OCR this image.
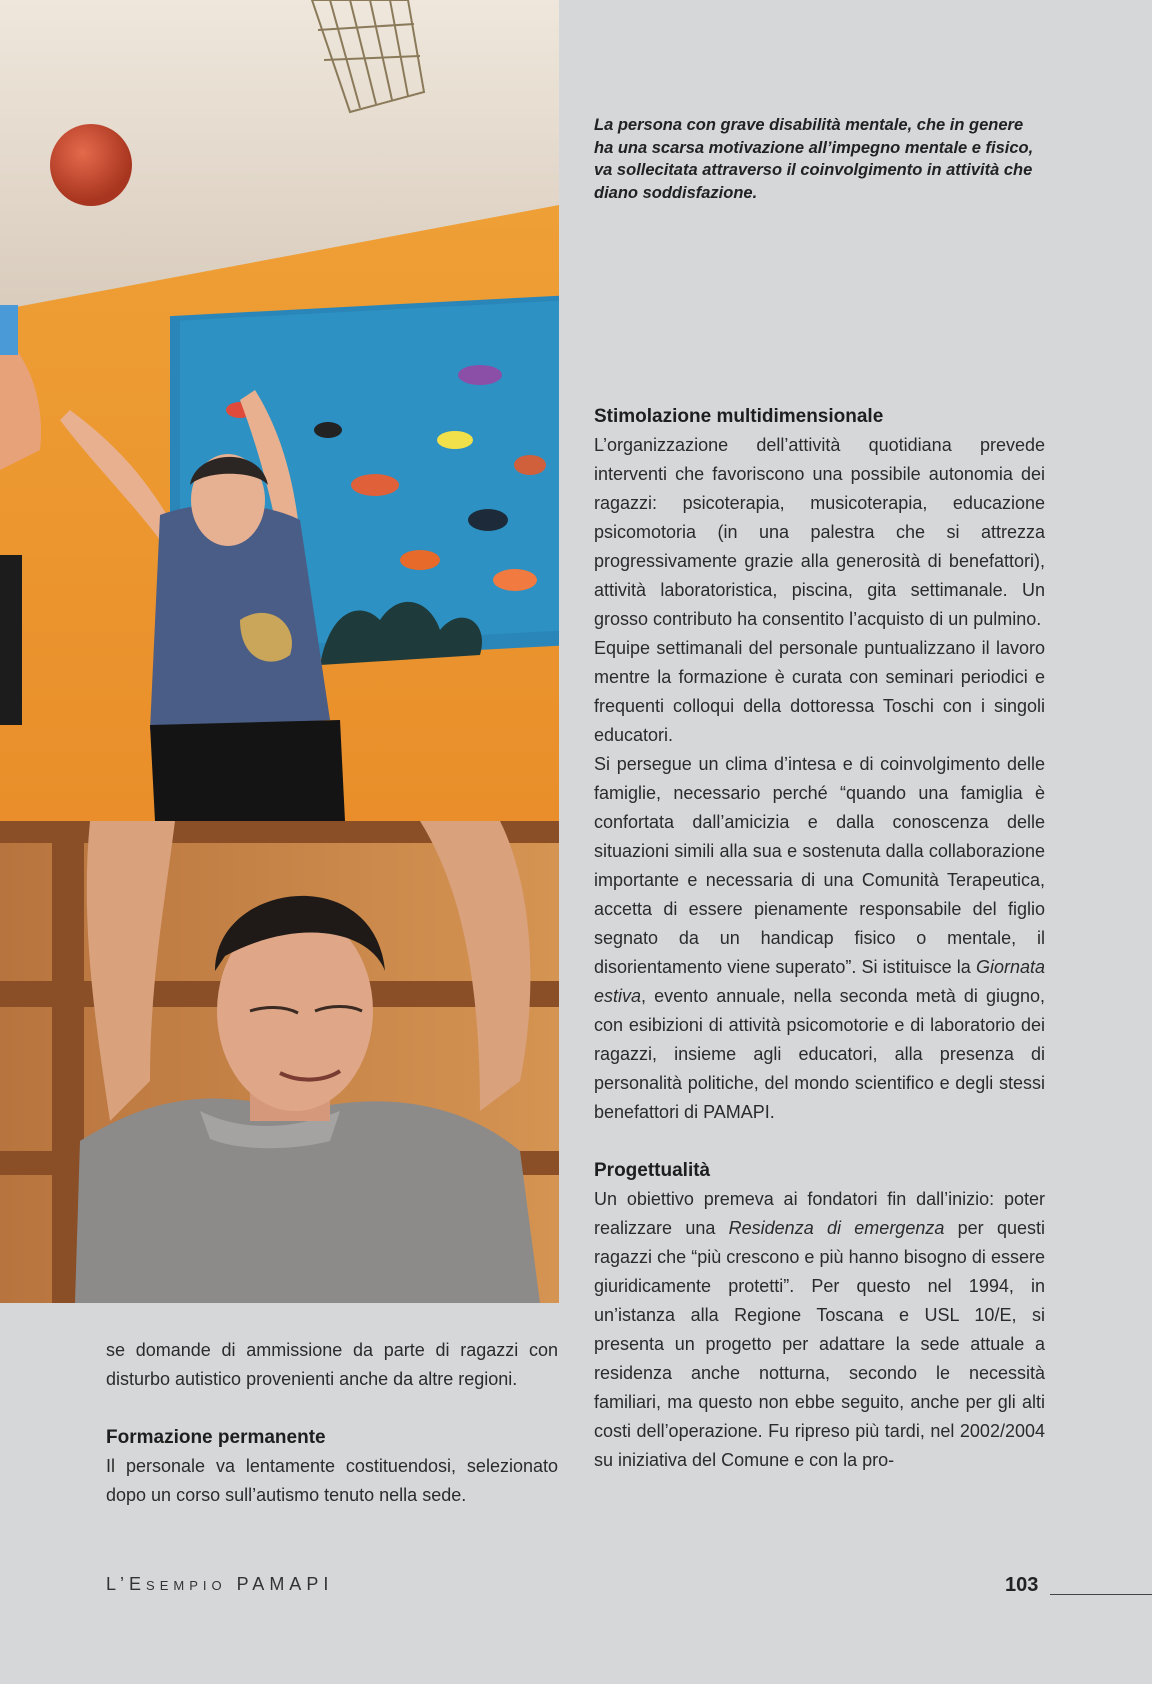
La persona con grave disabilità mentale, che in genere ha una scarsa motivazione all’impegno mentale e fisico, va sollecitata attraverso il coinvolgimento in attività che diano soddisfazione.
Stimolazione multidimensionale

L’organizzazione dell’attività quotidiana prevede interventi che favoriscono una possibile autonomia dei ragazzi: psicoterapia, musicoterapia, educazione psicomotoria (in una palestra che si attrezza progressivamente grazie alla generosità di benefattori), attività laboratoristica, piscina, gita settimanale. Un grosso contributo ha consentito l’acquisto di un pulmino.

Equipe settimanali del personale puntualizzano il lavoro mentre la formazione è curata con seminari periodici e frequenti colloqui della dottoressa Toschi con i singoli educatori.

Si persegue un clima d’intesa e di coinvolgimento delle famiglie, necessario perché “quando una famiglia è confortata dall’amicizia e dalla conoscenza delle situazioni simili alla sua e sostenuta dalla collaborazione importante e necessaria di una Comunità Terapeutica, accetta di essere pienamente responsabile del figlio segnato da un handicap fisico o mentale, il disorientamento viene superato”. Si istituisce la Giornata estiva, evento annuale, nella seconda metà di giugno, con esibizioni di attività psicomotorie e di laboratorio dei ragazzi, insieme agli educatori, alla presenza di personalità politiche, del mondo scientifico e degli stessi benefattori di PAMAPI.

Progettualità

Un obiettivo premeva ai fondatori fin dall’inizio: poter realizzare una Residenza di emergenza per questi ragazzi che “più crescono e più hanno bisogno di essere giuridicamente protetti”. Per questo nel 1994, in un’istanza alla Regione Toscana e USL 10/E, si presenta un progetto per adattare la sede attuale a residenza anche notturna, secondo le necessità familiari, ma questo non ebbe seguito, anche per gli alti costi dell’operazione. Fu ripreso più tardi, nel 2002/2004 su iniziativa del Comune e con la pro-

se domande di ammissione da parte di ragazzi con disturbo autistico provenienti anche da altre regioni.

Formazione permanente

Il personale va lentamente costituendosi, selezionato dopo un corso sull’autismo tenuto nella sede.

L’ESEMPIO PAMAPI	103
